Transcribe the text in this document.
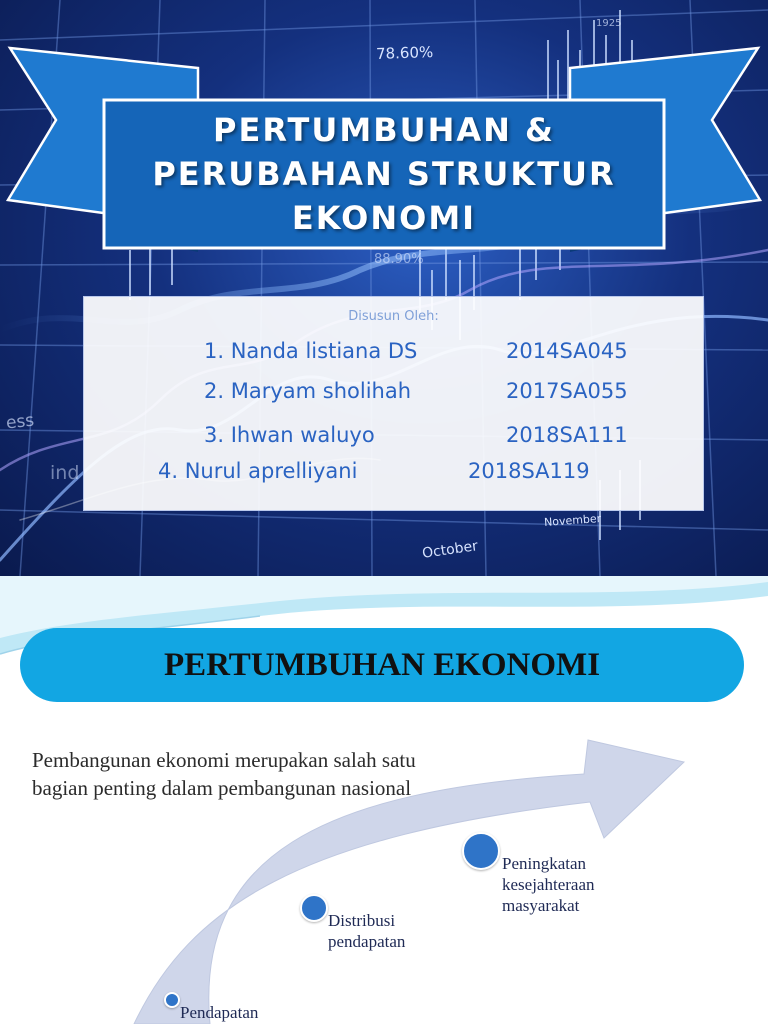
78.60%
88.90%
October
November
1925
ess
ind
PERTUMBUHAN &
PERUBAHAN STRUKTUR
EKONOMI
Disusun Oleh:
1. Nanda listiana DS	2014SA045
2. Maryam sholihah	2017SA055
3. Ihwan waluyo	2018SA111
4. Nurul aprelliyani	2018SA119
PERTUMBUHAN EKONOMI
Pembangunan ekonomi merupakan salah satu bagian penting dalam pembangunan nasional
Peningkatan kesejahteraan masyarakat
Distribusi pendapatan
Pendapatan
